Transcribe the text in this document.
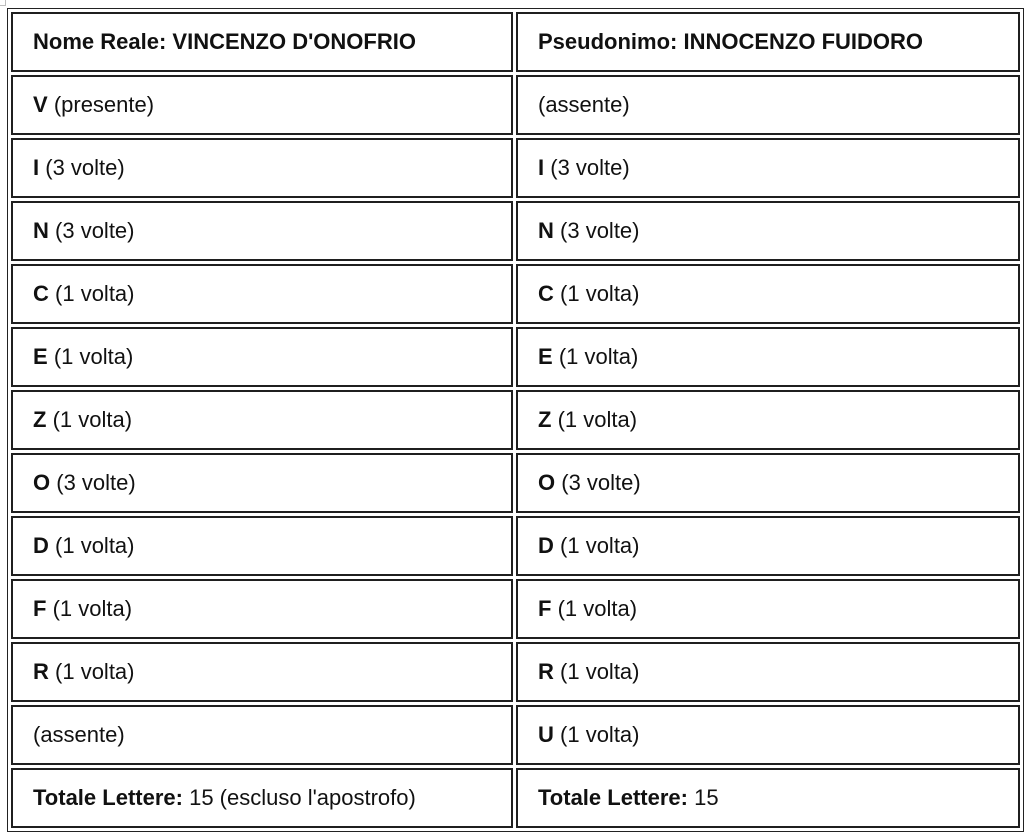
Nome Reale: VINCENZO D'ONOFRIO	Pseudonimo: INNOCENZO FUIDORO
V (presente)	(assente)
I (3 volte)	I (3 volte)
N (3 volte)	N (3 volte)
C (1 volta)	C (1 volta)
E (1 volta)	E (1 volta)
Z (1 volta)	Z (1 volta)
O (3 volte)	O (3 volte)
D (1 volta)	D (1 volta)
F (1 volta)	F (1 volta)
R (1 volta)	R (1 volta)
(assente)	U (1 volta)
Totale Lettere: 15 (escluso l'apostrofo)	Totale Lettere: 15
